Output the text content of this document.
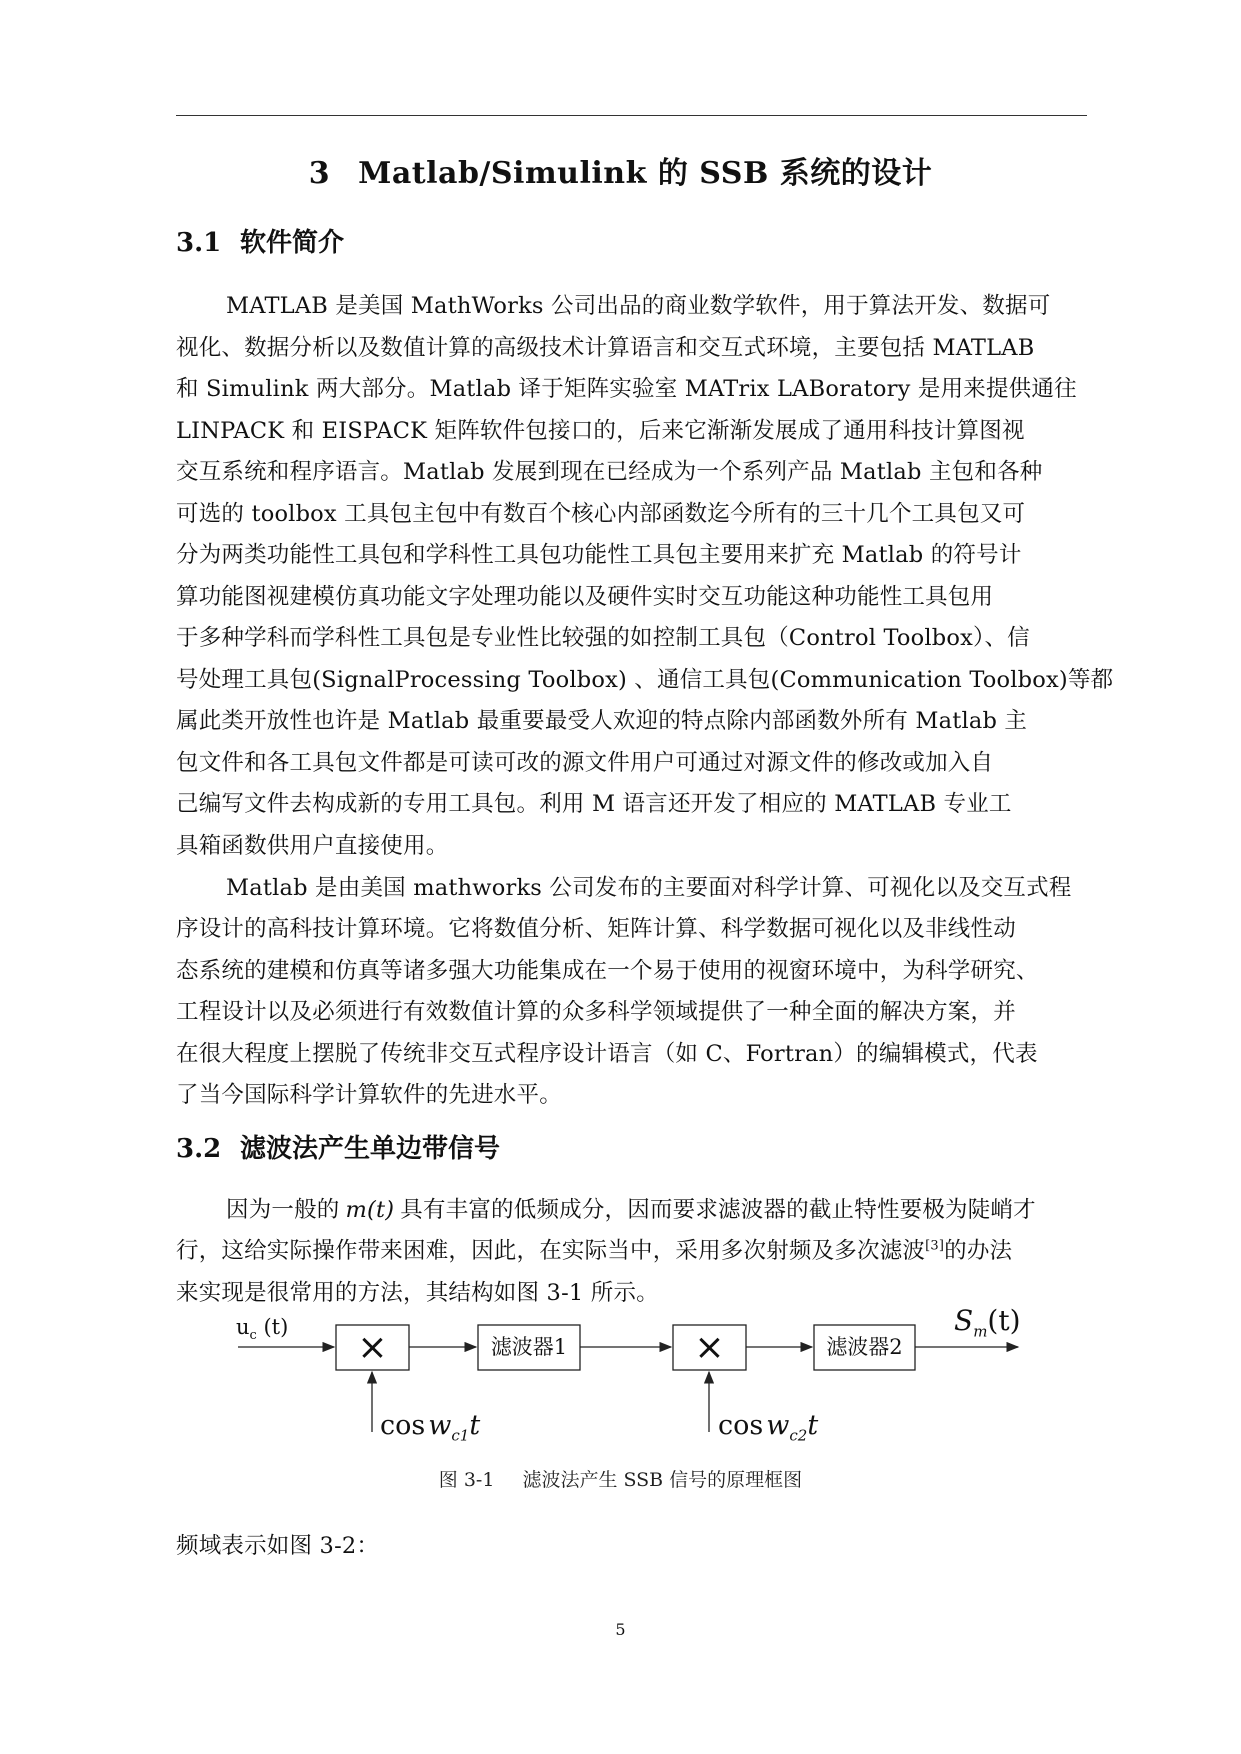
3 Matlab/Simulink 的 SSB 系统的设计
3.1 软件简介
MATLAB 是美国 MathWorks 公司出品的商业数学软件，用于算法开发、数据可
视化、数据分析以及数值计算的高级技术计算语言和交互式环境，主要包括 MATLAB
和 Simulink 两大部分。Matlab 译于矩阵实验室 MATrix LABoratory 是用来提供通往
LINPACK 和 EISPACK 矩阵软件包接口的，后来它渐渐发展成了通用科技计算图视
交互系统和程序语言。Matlab 发展到现在已经成为一个系列产品 Matlab 主包和各种
可选的 toolbox 工具包主包中有数百个核心内部函数迄今所有的三十几个工具包又可
分为两类功能性工具包和学科性工具包功能性工具包主要用来扩充 Matlab 的符号计
算功能图视建模仿真功能文字处理功能以及硬件实时交互功能这种功能性工具包用
于多种学科而学科性工具包是专业性比较强的如控制工具包（Control Toolbox）、信
号处理工具包(SignalProcessing Toolbox) 、通信工具包(Communication Toolbox)等都
属此类开放性也许是 Matlab 最重要最受人欢迎的特点除内部函数外所有 Matlab 主
包文件和各工具包文件都是可读可改的源文件用户可通过对源文件的修改或加入自
己编写文件去构成新的专用工具包。利用 M 语言还开发了相应的 MATLAB 专业工
具箱函数供用户直接使用。
Matlab 是由美国 mathworks 公司发布的主要面对科学计算、可视化以及交互式程
序设计的高科技计算环境。它将数值分析、矩阵计算、科学数据可视化以及非线性动
态系统的建模和仿真等诸多强大功能集成在一个易于使用的视窗环境中，为科学研究、
工程设计以及必须进行有效数值计算的众多科学领域提供了一种全面的解决方案，并
在很大程度上摆脱了传统非交互式程序设计语言（如 C、Fortran）的编辑模式，代表
了当今国际科学计算软件的先进水平。
3.2 滤波法产生单边带信号
因为一般的 m(t) 具有丰富的低频成分，因而要求滤波器的截止特性要极为陡峭才
行，这给实际操作带来困难，因此，在实际当中，采用多次射频及多次滤波[3]的办法
来实现是很常用的方法，其结构如图 3-1 所示。
$u_c$ (t)	×	滤波器1	×	滤波器2
$S_m(t)$
$\cos w_{c1}t$	$\cos w_{c2}t$
图 3-1 滤波法产生 SSB 信号的原理框图
频域表示如图 3-2：
5
